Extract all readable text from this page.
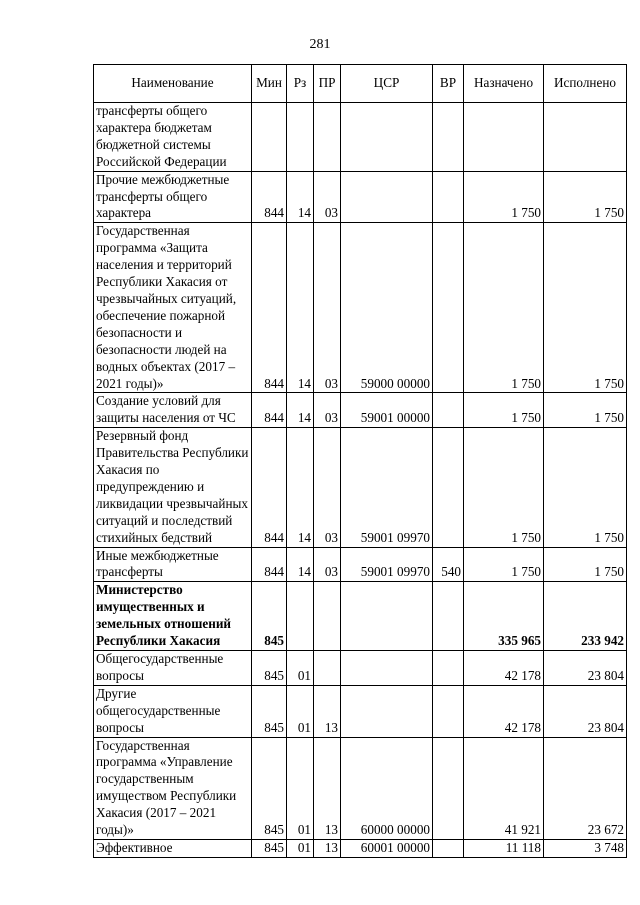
281
Наименование	Мин	Рз	ПР	ЦСР	ВР	Назначено	Исполнено
трансферты общего характера бюджетам бюджетной системы Российской Федерации							
Прочие межбюджетные трансферты общего характера	844	14	03			1 750	1 750
Государственная программа «Защита населения и территорий Республики Хакасия от чрезвычайных ситуаций, обеспечение пожарной безопасности и безопасности людей на водных объектах (2017 – 2021 годы)»	844	14	03	59000 00000		1 750	1 750
Создание условий для защиты населения от ЧС	844	14	03	59001 00000		1 750	1 750
Резервный фонд Правительства Республики Хакасия по предупреждению и ликвидации чрезвычайных ситуаций и последствий стихийных бедствий	844	14	03	59001 09970		1 750	1 750
Иные межбюджетные трансферты	844	14	03	59001 09970	540	1 750	1 750
Министерство имущественных и земельных отношений Республики Хакасия	845					335 965	233 942
Общегосударственные вопросы	845	01				42 178	23 804
Другие общегосударственные вопросы	845	01	13			42 178	23 804
Государственная программа «Управление государственным имуществом Республики Хакасия (2017 – 2021 годы)»	845	01	13	60000 00000		41 921	23 672
Эффективное	845	01	13	60001 00000		11 118	3 748
